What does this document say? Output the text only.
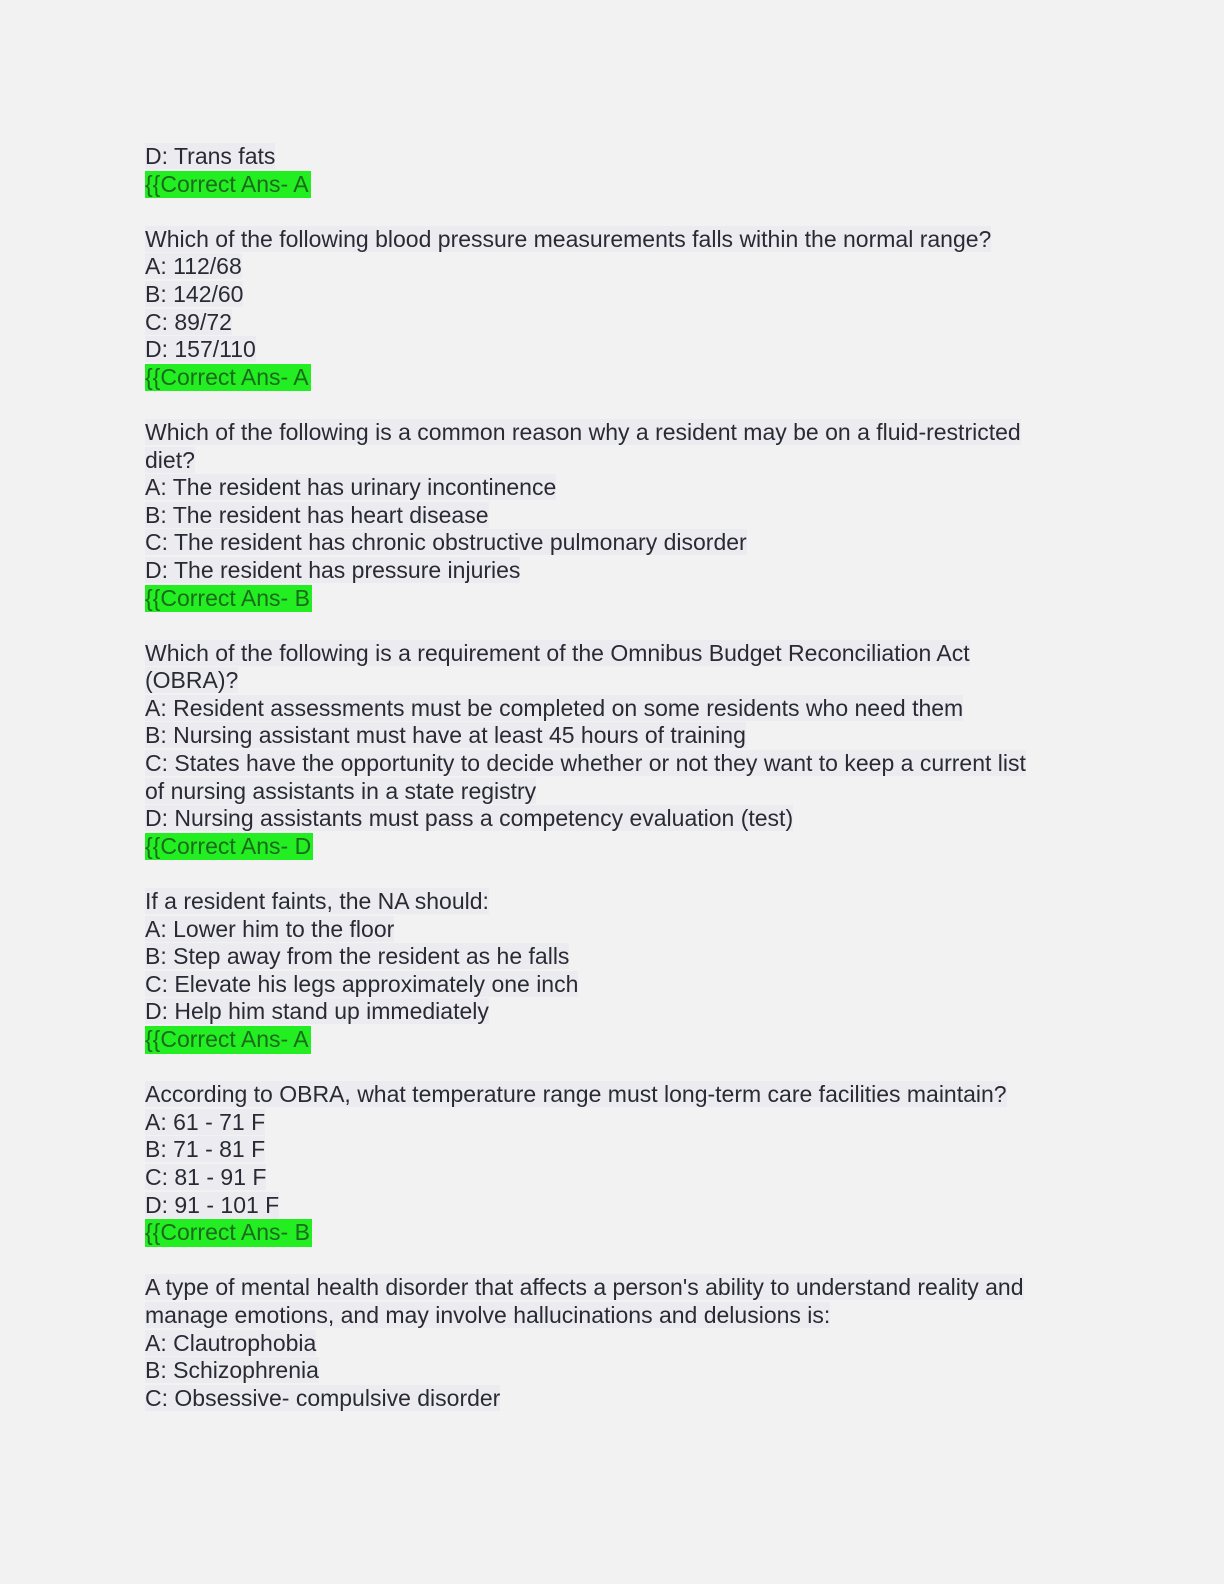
D: Trans fats
{{Correct Ans- A
Which of the following blood pressure measurements falls within the normal range?
A: 112/68
B: 142/60
C: 89/72
D: 157/110
{{Correct Ans- A
Which of the following is a common reason why a resident may be on a fluid-restricted
diet?
A: The resident has urinary incontinence
B: The resident has heart disease
C: The resident has chronic obstructive pulmonary disorder
D: The resident has pressure injuries
{{Correct Ans- B
Which of the following is a requirement of the Omnibus Budget Reconciliation Act
(OBRA)?
A: Resident assessments must be completed on some residents who need them
B: Nursing assistant must have at least 45 hours of training
C: States have the opportunity to decide whether or not they want to keep a current list
of nursing assistants in a state registry
D: Nursing assistants must pass a competency evaluation (test)
{{Correct Ans- D
If a resident faints, the NA should:
A: Lower him to the floor
B: Step away from the resident as he falls
C: Elevate his legs approximately one inch
D: Help him stand up immediately
{{Correct Ans- A
According to OBRA, what temperature range must long-term care facilities maintain?
A: 61 - 71 F
B: 71 - 81 F
C: 81 - 91 F
D: 91 - 101 F
{{Correct Ans- B
A type of mental health disorder that affects a person's ability to understand reality and
manage emotions, and may involve hallucinations and delusions is:
A: Clautrophobia
B: Schizophrenia
C: Obsessive- compulsive disorder
